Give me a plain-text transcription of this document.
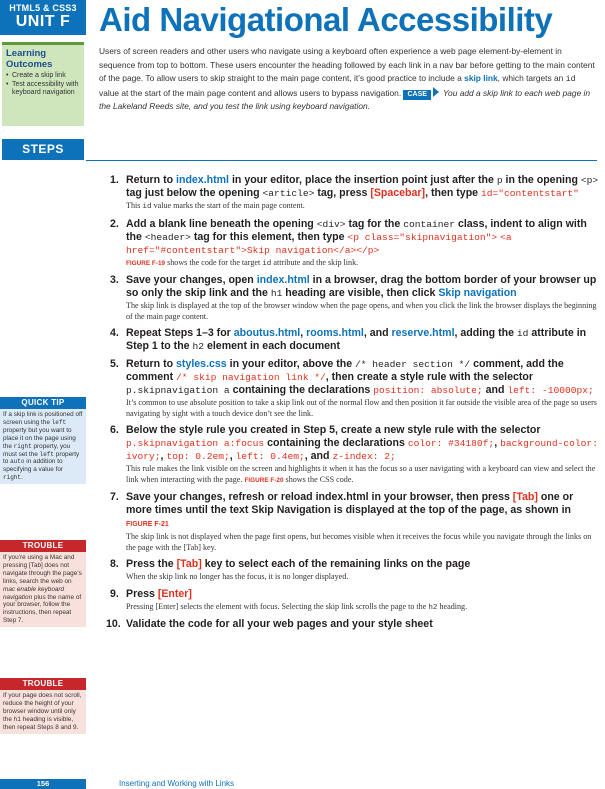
HTML5 & CSS3
UNIT F Aid Navigational Accessibility
Learning
Outcomes
• Create a skip link
• Test accessibility with keyboard navigation

Users of screen readers and other users who navigate using a keyboard often experience a web page element-by-element in sequence from top to bottom. These users encounter the heading followed by each link in a nav bar before getting to the main content of the page. To allow users to skip straight to the main page content, it’s good practice to include a skip link, which targets an id value at the start of the main page content and allows users to bypass navigation. CASE You add a skip link to each web page in the Lakeland Reeds site, and you test the link using keyboard navigation.

STEPS
QUICK TIP
If a skip link is positioned off screen using the left property but you want to place it on the page using the right property, you must set the left property to auto in addition to specifying a value for right.
TROUBLE
If you’re using a Mac and pressing [Tab] does not navigate through the page’s links, search the web on mac enable keyboard navigation plus the name of your browser, follow the instructions, then repeat Step 7.
TROUBLE
If your page does not scroll, reduce the height of your browser window until only the h1 heading is visible, then repeat Steps 8 and 9.
1. Return to index.html in your editor, place the insertion point just after the p in the opening <p> tag just below the opening <article> tag, press [Spacebar], then type id="contentstart"
This id value marks the start of the main page content.
2. Add a blank line beneath the opening <div> tag for the container class, indent to align with the <header> tag for this element, then type <p class="skipnavigation"> <a href="#contentstart">Skip navigation</a></p>
FIGURE F-19 shows the code for the target id attribute and the skip link.
3. Save your changes, open index.html in a browser, drag the bottom border of your browser up so only the skip link and the h1 heading are visible, then click Skip navigation
The skip link is displayed at the top of the browser window when the page opens, and when you click the link the browser displays the beginning of the main page content.
4. Repeat Steps 1–3 for aboutus.html, rooms.html, and reserve.html, adding the id attribute in Step 1 to the h2 element in each document
5. Return to styles.css in your editor, above the /* header section */ comment, add the comment /* skip navigation link */, then create a style rule with the selector p.skipnavigation a containing the declarations position: absolute; and left: -10000px;
It’s common to use absolute position to take a skip link out of the normal flow and then position it far outside the visible area of the page so users navigating by sight with a touch device don’t see the link.
6. Below the style rule you created in Step 5, create a new style rule with the selector p.skipnavigation a:focus containing the declarations color: #34180f;, background-color: ivory;, top: 0.2em;, left: 0.4em;, and z-index: 2;
This rule makes the link visible on the screen and highlights it when it has the focus so a user navigating with a keyboard can view and select the link when interacting with the page. FIGURE F-20 shows the CSS code.
7. Save your changes, refresh or reload index.html in your browser, then press [Tab] one or more times until the text Skip Navigation is displayed at the top of the page, as shown in FIGURE F-21
The skip link is not displayed when the page first opens, but becomes visible when it receives the focus while you navigate through the links on the page with the [Tab] key.
8. Press the [Tab] key to select each of the remaining links on the page
When the skip link no longer has the focus, it is no longer displayed.
9. Press [Enter]
Pressing [Enter] selects the element with focus. Selecting the skip link scrolls the page to the h2 heading.
10. Validate the code for all your web pages and your style sheet
156	Inserting and Working with Links
